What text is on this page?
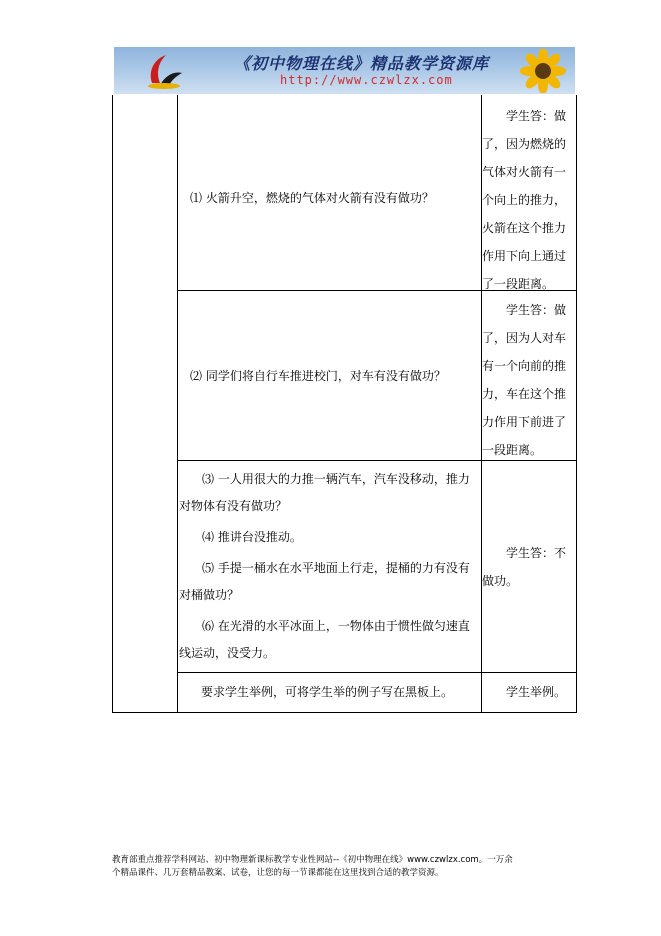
《初中物理在线》精品教学资源库
http://www.czwlzx.com
⑴ 火箭升空，燃烧的气体对火箭有没有做功？
学生答：做了，因为燃烧的气体对火箭有一个向上的推力，火箭在这个推力作用下向上通过了一段距离。
⑵ 同学们将自行车推进校门，对车有没有做功？
学生答：做了，因为人对车有一个向前的推力，车在这个推力作用下前进了一段距离。
⑶ 一人用很大的力推一辆汽车，汽车没移动，推力对物体有没有做功？
⑷ 推讲台没推动。
⑸ 手提一桶水在水平地面上行走，提桶的力有没有对桶做功？
⑹ 在光滑的水平冰面上，一物体由于惯性做匀速直线运动，没受力。
学生答：不做功。
要求学生举例，可将学生举的例子写在黑板上。	学生举例。
教育部重点推荐学科网站、初中物理新课标教学专业性网站--《初中物理在线》www.czwlzx.com。一万余
个精品课件、几万套精品教案、试卷，让您的每一节课都能在这里找到合适的教学资源。
